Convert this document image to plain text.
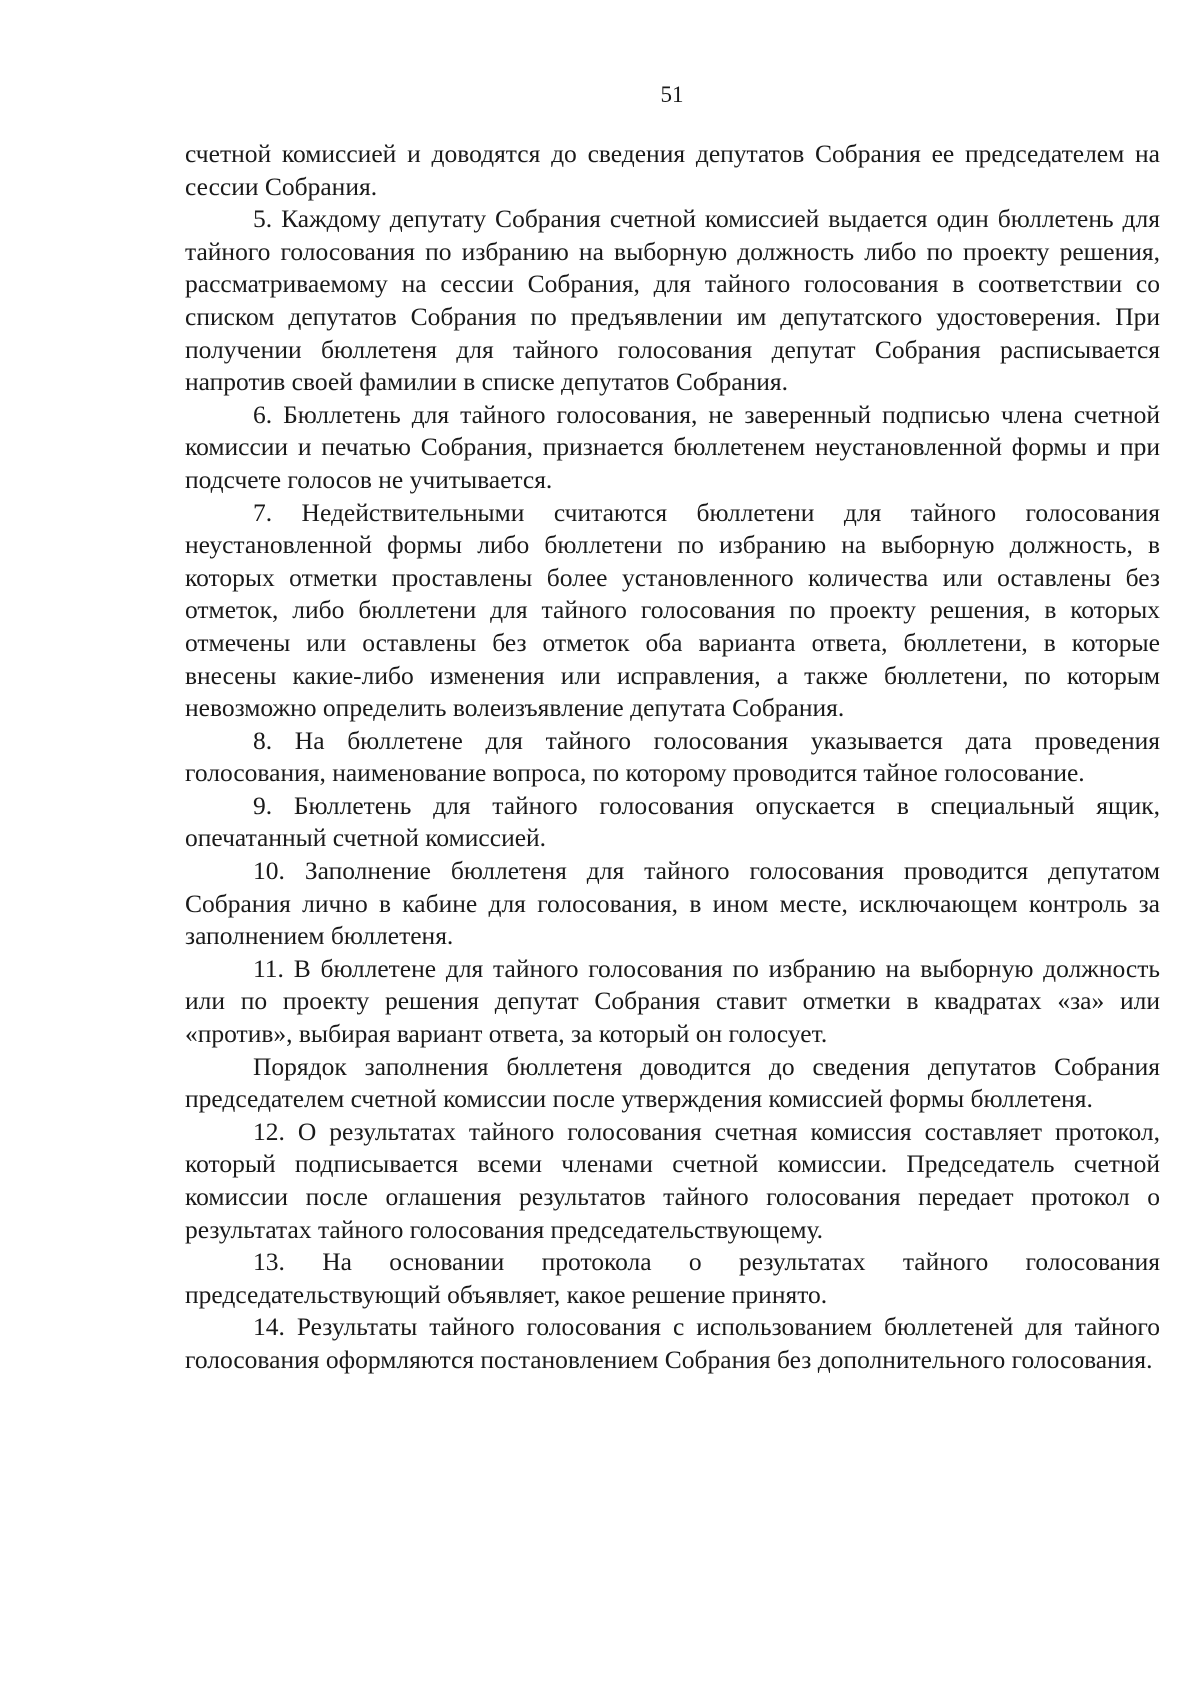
51

счетной комиссией и доводятся до сведения депутатов Собрания ее председателем на сессии Собрания.

5. Каждому депутату Собрания счетной комиссией выдается один бюллетень для тайного голосования по избранию на выборную должность либо по проекту решения, рассматриваемому на сессии Собрания, для тайного голосования в соответствии со списком депутатов Собрания по предъявлении им депутатского удостоверения. При получении бюллетеня для тайного голосования депутат Собрания расписывается напротив своей фамилии в списке депутатов Собрания.

6. Бюллетень для тайного голосования, не заверенный подписью члена счетной комиссии и печатью Собрания, признается бюллетенем неустановленной формы и при подсчете голосов не учитывается.

7. Недействительными считаются бюллетени для тайного голосования неустановленной формы либо бюллетени по избранию на выборную должность, в которых отметки проставлены более установленного количества или оставлены без отметок, либо бюллетени для тайного голосования по проекту решения, в которых отмечены или оставлены без отметок оба варианта ответа, бюллетени, в которые внесены какие-либо изменения или исправления, а также бюллетени, по которым невозможно определить волеизъявление депутата Собрания.

8. На бюллетене для тайного голосования указывается дата проведения голосования, наименование вопроса, по которому проводится тайное голосование.

9. Бюллетень для тайного голосования опускается в специальный ящик, опечатанный счетной комиссией.

10. Заполнение бюллетеня для тайного голосования проводится депутатом Собрания лично в кабине для голосования, в ином месте, исключающем контроль за заполнением бюллетеня.

11. В бюллетене для тайного голосования по избранию на выборную должность или по проекту решения депутат Собрания ставит отметки в квадратах «за» или «против», выбирая вариант ответа, за который он голосует.

Порядок заполнения бюллетеня доводится до сведения депутатов Собрания председателем счетной комиссии после утверждения комиссией формы бюллетеня.

12. О результатах тайного голосования счетная комиссия составляет протокол, который подписывается всеми членами счетной комиссии. Председатель счетной комиссии после оглашения результатов тайного голосования передает протокол о результатах тайного голосования председательствующему.

13. На основании протокола о результатах тайного голосования председательствующий объявляет, какое решение принято.

14. Результаты тайного голосования с использованием бюллетеней для тайного голосования оформляются постановлением Собрания без дополнительного голосования.
